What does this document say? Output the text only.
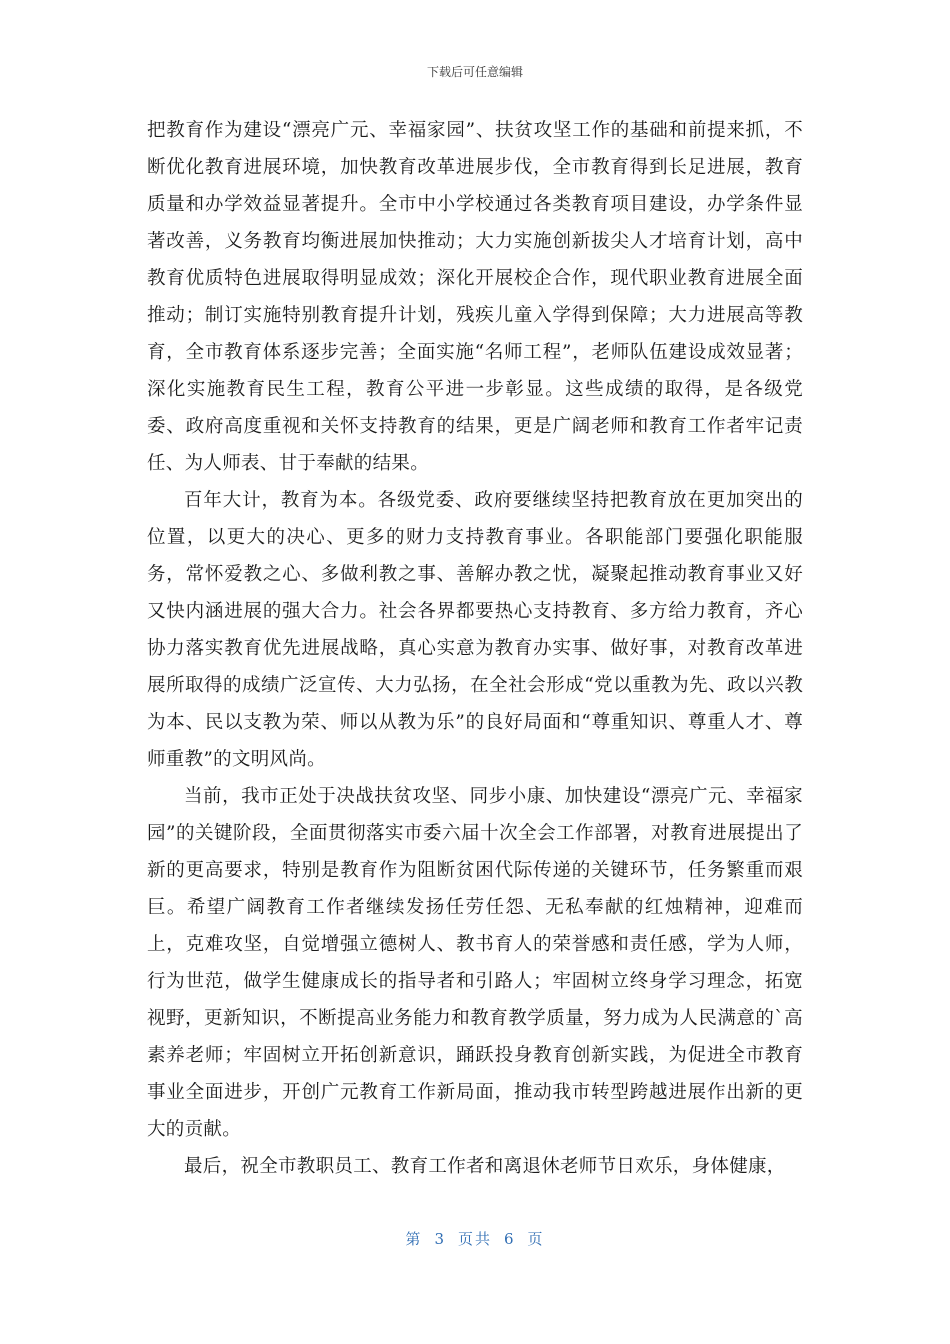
下载后可任意编辑

把教育作为建设“漂亮广元、幸福家园”、扶贫攻坚工作的基础和前提来抓，不断优化教育进展环境，加快教育改革进展步伐，全市教育得到长足进展，教育质量和办学效益显著提升。全市中小学校通过各类教育项目建设，办学条件显著改善，义务教育均衡进展加快推动；大力实施创新拔尖人才培育计划，高中教育优质特色进展取得明显成效；深化开展校企合作，现代职业教育进展全面推动；制订实施特别教育提升计划，残疾儿童入学得到保障；大力进展高等教育，全市教育体系逐步完善；全面实施“名师工程”，老师队伍建设成效显著；深化实施教育民生工程，教育公平进一步彰显。这些成绩的取得，是各级党委、政府高度重视和关怀支持教育的结果，更是广阔老师和教育工作者牢记责任、为人师表、甘于奉献的结果。

百年大计，教育为本。各级党委、政府要继续坚持把教育放在更加突出的位置，以更大的决心、更多的财力支持教育事业。各职能部门要强化职能服务，常怀爱教之心、多做利教之事、善解办教之忧，凝聚起推动教育事业又好又快内涵进展的强大合力。社会各界都要热心支持教育、多方给力教育，齐心协力落实教育优先进展战略，真心实意为教育办实事、做好事，对教育改革进展所取得的成绩广泛宣传、大力弘扬，在全社会形成“党以重教为先、政以兴教为本、民以支教为荣、师以从教为乐”的良好局面和“尊重知识、尊重人才、尊师重教”的文明风尚。

当前，我市正处于决战扶贫攻坚、同步小康、加快建设“漂亮广元、幸福家园”的关键阶段，全面贯彻落实市委六届十次全会工作部署，对教育进展提出了新的更高要求，特别是教育作为阻断贫困代际传递的关键环节，任务繁重而艰巨。希望广阔教育工作者继续发扬任劳任怨、无私奉献的红烛精神，迎难而上，克难攻坚，自觉增强立德树人、教书育人的荣誉感和责任感，学为人师，行为世范，做学生健康成长的指导者和引路人；牢固树立终身学习理念，拓宽视野，更新知识，不断提高业务能力和教育教学质量，努力成为人民满意的`高素养老师；牢固树立开拓创新意识，踊跃投身教育创新实践，为促进全市教育事业全面进步，开创广元教育工作新局面，推动我市转型跨越进展作出新的更大的贡献。

最后，祝全市教职员工、教育工作者和离退休老师节日欢乐，身体健康，

第 3 页共 6 页
